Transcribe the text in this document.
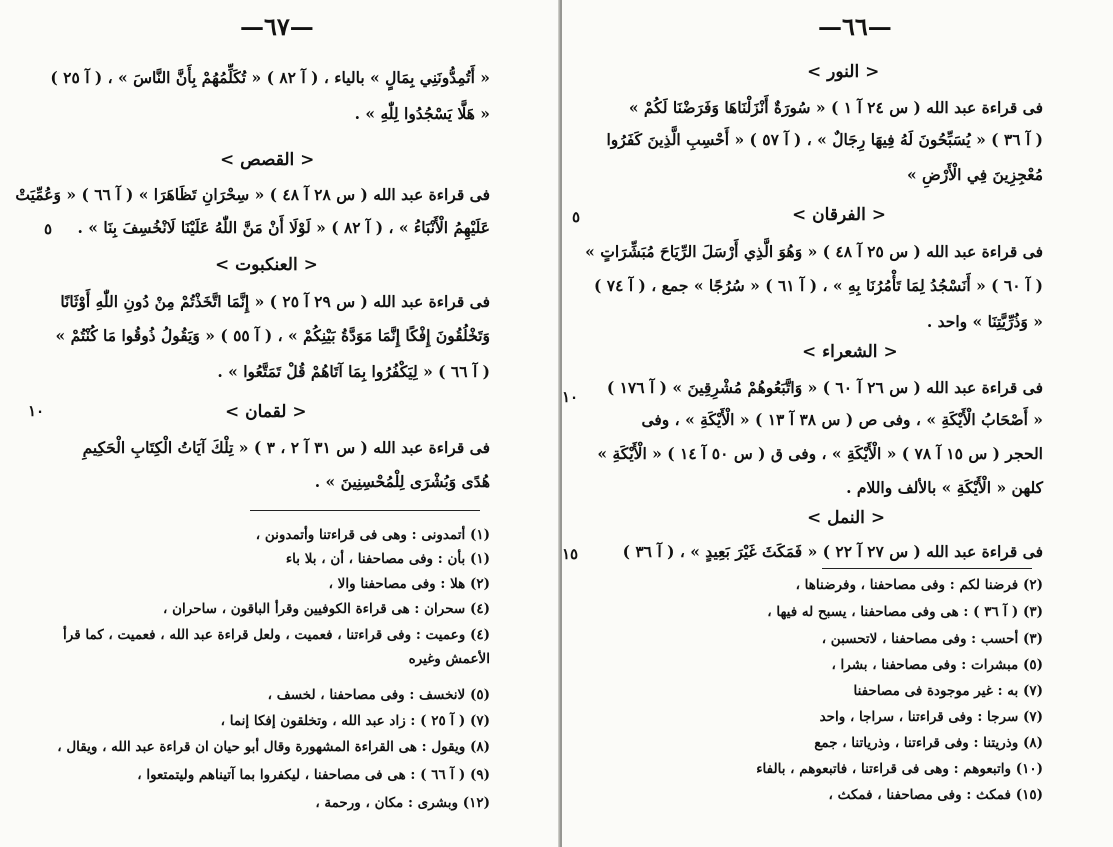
—٦٧—
« أَتُمِدُّونَنِي بِمَالٍ » بالياء ، ( آ ٨٢ ) « تُكَلِّمُهُمْ بِأَنَّ النَّاسَ » ، ( آ ٢٥ )
« هَلَّا يَسْجُدُوا لِلّٰهِ » .
< القصص >
فى قراءة عبد الله ( س ٢٨ آ ٤٨ ) « سِحْرَانِ تَظَاهَرَا » ( آ ٦٦ ) « وَعُمِّيَتْ
عَلَيْهِمُ الْأَنْبَاءُ » ، ( آ ٨٢ ) « لَوْلَا أَنْ مَنَّ اللّٰهُ عَلَيْنَا لَانْخُسِفَ بِنَا » .
٥
< العنكبوت >
فى قراءة عبد الله ( س ٢٩ آ ٢٥ ) « إِنَّمَا اتَّخَذْتُمْ مِنْ دُونِ اللّٰهِ أَوْثَانًا
وَتَخْلُقُونَ إِفْكًا إِنَّمَا مَوَدَّةُ بَيْنِكُمْ » ، ( آ ٥٥ ) « وَيَقُولُ ذُوقُوا مَا كُنْتُمْ »
( آ ٦٦ ) « لِيَكْفُرُوا بِمَا آتَاهُمْ قُلْ تَمَتَّعُوا » .
١٠	< لقمان >
فى قراءة عبد الله ( س ٣١ آ ٢ ، ٣ ) « تِلْكَ آيَاتُ الْكِتَابِ الْحَكِيمِ
هُدًى وَبُشْرَى لِلْمُحْسِنِينَ » .
(١) أتمدونى : وهى فى قراءتنا وأتمدونن ،
(١) بأن : وفى مصاحفنا ، أن ، بلا باء
(٢) هلا : وفى مصاحفنا والا ،
(٤) سحران : هى قراءة الكوفيين وقرأ الباقون ، ساحران ،
(٤) وعميت : وفى قراءتنا ، فعميت ، ولعل قراءة عبد الله ، فعميت ، كما قرأ
الأعمش وغيره
(٥) لانخسف : وفى مصاحفنا ، لخسف ،
(٧) ( آ ٢٥ ) : زاد عبد الله ، وتخلقون إفكا إنما ،
(٨) ويقول : هى القراءة المشهورة وقال أبو حيان ان قراءة عبد الله ، ويقال ،
(٩) ( آ ٦٦ ) : هى فى مصاحفنا ، ليكفروا بما آتيناهم وليتمتعوا ،
(١٢) وبشرى : مكان ، ورحمة ،
—٦٦—
< النور >
فى قراءة عبد الله ( س ٢٤ آ ١ ) « سُورَةٌ أَنْزَلْنَاهَا وَفَرَضْنَا لَكُمْ »
( آ ٣٦ ) « يُسَبِّحُونَ لَهُ فِيهَا رِجَالٌ » ، ( آ ٥٧ ) « أَحْسِبِ الَّذِينَ كَفَرُوا
مُعْجِزِينَ فِي الْأَرْضِ »
٥	< الفرقان >
فى قراءة عبد الله ( س ٢٥ آ ٤٨ ) « وَهُوَ الَّذِي أَرْسَلَ الرِّيَاحَ مُبَشِّرَاتٍ »
( آ ٦٠ ) « أَنَسْجُدُ لِمَا تَأْمُرُنَا بِهِ » ، ( آ ٦١ ) « سُرُجًا » جمع ، ( آ ٧٤ )
« وَذُرِّيَّتِنَا » واحد .
< الشعراء >
١٠ فى قراءة عبد الله ( س ٢٦ آ ٦٠ ) « وَاتَّبَعُوهُمْ مُشْرِقِينَ » ( آ ١٧٦ )
« أَصْحَابُ الْأَيْكَةِ » ، وفى ص ( س ٣٨ آ ١٣ ) « الْأَيْكَةِ » ، وفى
الحجر ( س ١٥ آ ٧٨ ) « الْأَيْكَةِ » ، وفى ق ( س ٥٠ آ ١٤ ) « الْأَيْكَةِ »
كلهن « الْأَيْكَةِ » بالألف واللام .
< النمل >
١٥	فى قراءة عبد الله ( س ٢٧ آ ٢٢ ) « فَمَكَثَ غَيْرَ بَعِيدٍ » ، ( آ ٣٦ )
(٢) فرضنا لكم : وفى مصاحفنا ، وفرضناها ،
(٣) ( آ ٣٦ ) : هى وفى مصاحفنا ، يسبح له فيها ،
(٣) أحسب : وفى مصاحفنا ، لاتحسبن ،
(٥) مبشرات : وفى مصاحفنا ، بشرا ،
(٧) به : غير موجودة فى مصاحفنا
(٧) سرجا : وفى قراءتنا ، سراجا ، واحد
(٨) وذريتنا : وفى قراءتنا ، وذرياتنا ، جمع
(١٠) واتبعوهم : وهى فى قراءتنا ، فاتبعوهم ، بالفاء
(١٥) فمكث : وفى مصاحفنا ، فمكث ،
